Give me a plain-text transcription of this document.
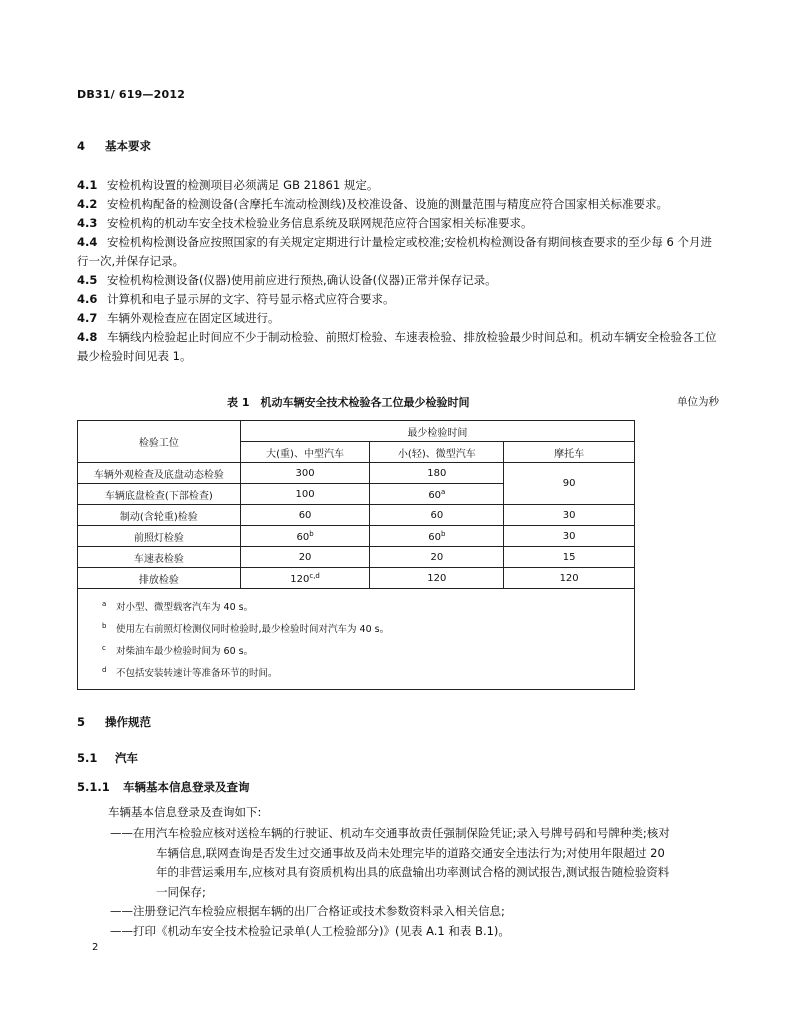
DB31/ 619—2012
4 基本要求
4.1 安检机构设置的检测项目必须满足 GB 21861 规定。
4.2 安检机构配备的检测设备(含摩托车流动检测线)及校准设备、设施的测量范围与精度应符合国家相关标准要求。
4.3 安检机构的机动车安全技术检验业务信息系统及联网规范应符合国家相关标准要求。
4.4 安检机构检测设备应按照国家的有关规定定期进行计量检定或校准;安检机构检测设备有期间核查要求的至少每 6 个月进行一次,并保存记录。
4.5 安检机构检测设备(仪器)使用前应进行预热,确认设备(仪器)正常并保存记录。
4.6 计算机和电子显示屏的文字、符号显示格式应符合要求。
4.7 车辆外观检查应在固定区域进行。
4.8 车辆线内检验起止时间应不少于制动检验、前照灯检验、车速表检验、排放检验最少时间总和。机动车辆安全检验各工位最少检验时间见表 1。
表 1　机动车辆安全技术检验各工位最少检验时间	单位为秒
检验工位	最少检验时间		
	大(重)、中型汽车	小(轻)、微型汽车	摩托车
车辆外观检查及底盘动态检验	300	180	90
车辆底盘检查(下部检查)	100	60$^a$
制动(含轮重)检验	60	60	30
前照灯检验	60$^b$	60$^b$	30
车速表检验	20	20	15
排放检验	120$^{c,d}$	120	120

$^a$ 对小型、微型载客汽车为 40 s。
$^b$ 使用左右前照灯检测仪同时检验时,最少检验时间对汽车为 40 s。
$^c$ 对柴油车最少检验时间为 60 s。
$^d$ 不包括安装转速计等准备环节的时间。			
5 操作规范
5.1 汽车
5.1.1 车辆基本信息登录及查询
车辆基本信息登录及查询如下:
——在用汽车检验应核对送检车辆的行驶证、机动车交通事故责任强制保险凭证;录入号牌号码和号牌种类;核对车辆信息,联网查询是否发生过交通事故及尚未处理完毕的道路交通安全违法行为;对使用年限超过 20 年的非营运乘用车,应核对具有资质机构出具的底盘输出功率测试合格的测试报告,测试报告随检验资料一同保存;
——注册登记汽车检验应根据车辆的出厂合格证或技术参数资料录入相关信息;
——打印《机动车安全技术检验记录单(人工检验部分)》(见表 A.1 和表 B.1)。
2
